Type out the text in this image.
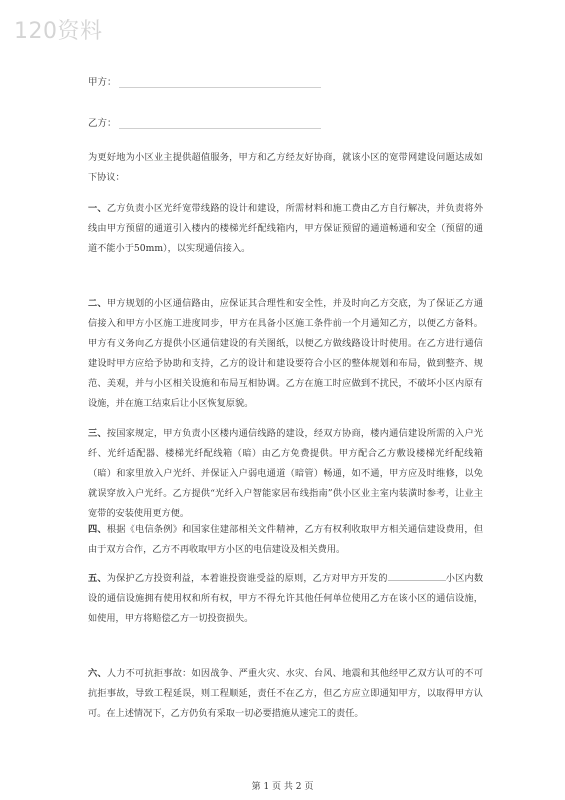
120资料
甲方：
乙方：
为更好地为小区业主提供超值服务，甲方和乙方经友好协商，就该小区的宽带网建设问题达成如下协议：
一、乙方负责小区光纤宽带线路的设计和建设，所需材料和施工费由乙方自行解决，并负责将外线由甲方预留的通道引入楼内的楼梯光纤配线箱内，甲方保证预留的通道畅通和安全（预留的通道不能小于50mm），以实现通信接入。
二、甲方规划的小区通信路由，应保证其合理性和安全性，并及时向乙方交底，为了保证乙方通信接入和甲方小区施工进度同步，甲方在具备小区施工条件前一个月通知乙方，以便乙方备料。甲方有义务向乙方提供小区通信建设的有关图纸，以便乙方做线路设计时使用。在乙方进行通信建设时甲方应给予协助和支持，乙方的设计和建设要符合小区的整体规划和布局，做到整齐、规范、美观，并与小区相关设施和布局互相协调。乙方在施工时应做到不扰民，不破坏小区内原有设施，并在施工结束后让小区恢复原貌。
三、按国家规定，甲方负责小区楼内通信线路的建设，经双方协商，楼内通信建设所需的入户光纤、光纤适配器、楼梯光纤配线箱（暗）由乙方免费提供。甲方配合乙方敷设楼梯光纤配线箱（暗）和家里放入户光纤、并保证入户弱电通道（暗管）畅通，如不通，甲方应及时维修，以免就误穿放入户光纤。乙方提供“光纤入户智能家居布线指南”供小区业主室内装潢时参考，让业主宽带的安装使用更方便。
四、根据《电信条例》和国家住建部相关文件精神，乙方有权利收取甲方相关通信建设费用，但由于双方合作，乙方不再收取甲方小区的电信建设及相关费用。
五、为保护乙方投资利益，本着谁投资谁受益的原则，乙方对甲方开发的	小区内数设的通信设施拥有使用权和所有权，甲方不得允许其他任何单位使用乙方在该小区的通信设施，如使用，甲方将赔偿乙方一切投资损失。
六、人力不可抗拒事故：如因战争、严重火灾、水灾、台风、地震和其他经甲乙双方认可的不可抗拒事故，导致工程延误，则工程顺延，责任不在乙方，但乙方应立即通知甲方，以取得甲方认可。在上述情况下，乙方仍负有采取一切必要措施从速完工的责任。
第 1 页 共 2 页
